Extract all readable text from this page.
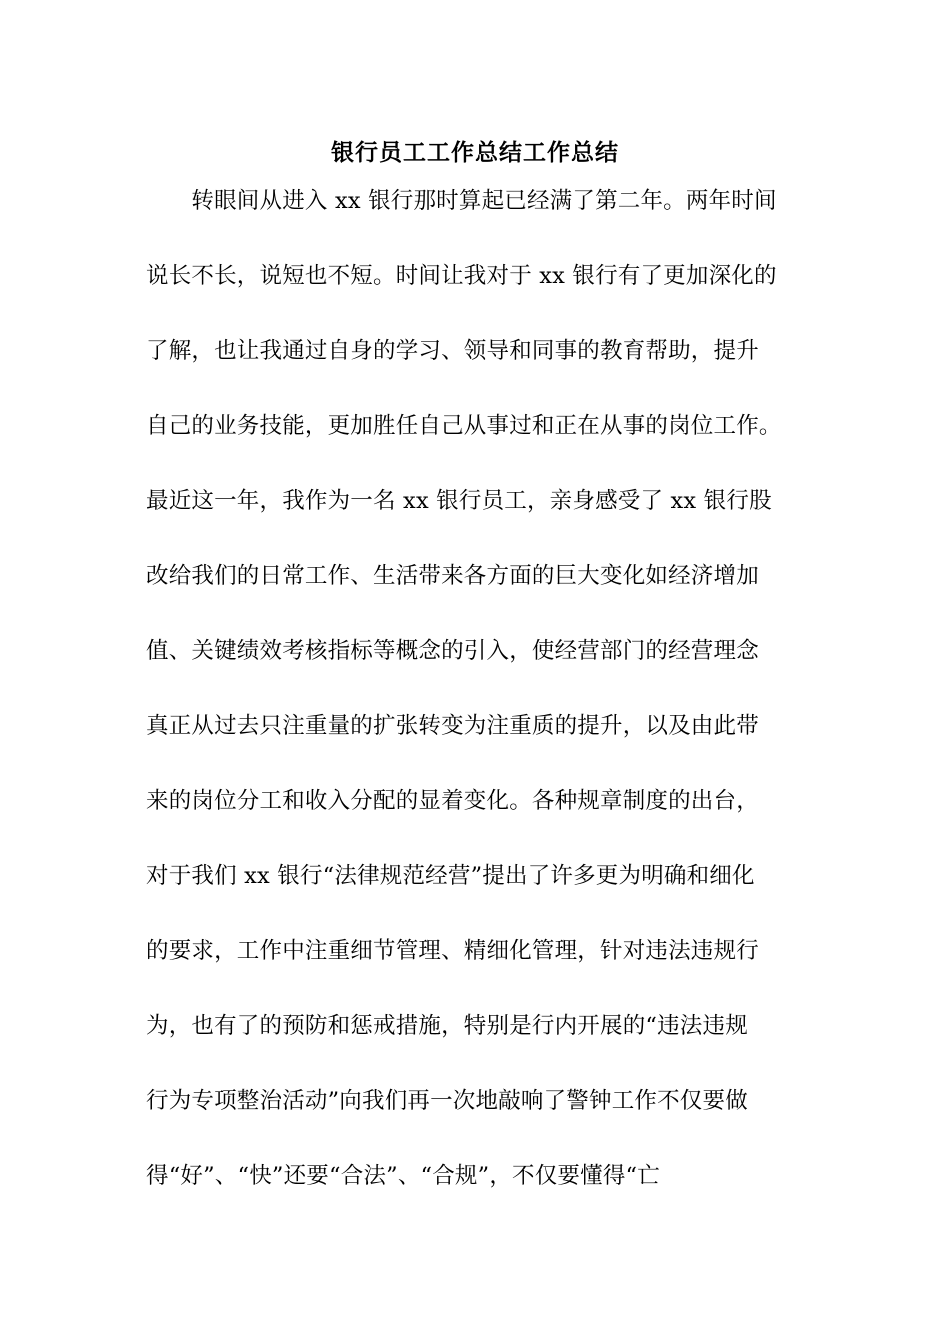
银行员工工作总结工作总结
　　转眼间从进入 xx 银行那时算起已经满了第二年。两年时间
说长不长，说短也不短。时间让我对于 xx 银行有了更加深化的
了解，也让我通过自身的学习、领导和同事的教育帮助，提升
自己的业务技能，更加胜任自己从事过和正在从事的岗位工作。
最近这一年，我作为一名 xx 银行员工，亲身感受了 xx 银行股
改给我们的日常工作、生活带来各方面的巨大变化如经济增加
值、关键绩效考核指标等概念的引入，使经营部门的经营理念
真正从过去只注重量的扩张转变为注重质的提升，以及由此带
来的岗位分工和收入分配的显着变化。各种规章制度的出台，
对于我们 xx 银行“法律规范经营”提出了许多更为明确和细化
的要求，工作中注重细节管理、精细化管理，针对违法违规行
为，也有了的预防和惩戒措施，特别是行内开展的“违法违规
行为专项整治活动”向我们再一次地敲响了警钟工作不仅要做
得“好”、“快”还要“合法”、“合规”，不仅要懂得“亡
